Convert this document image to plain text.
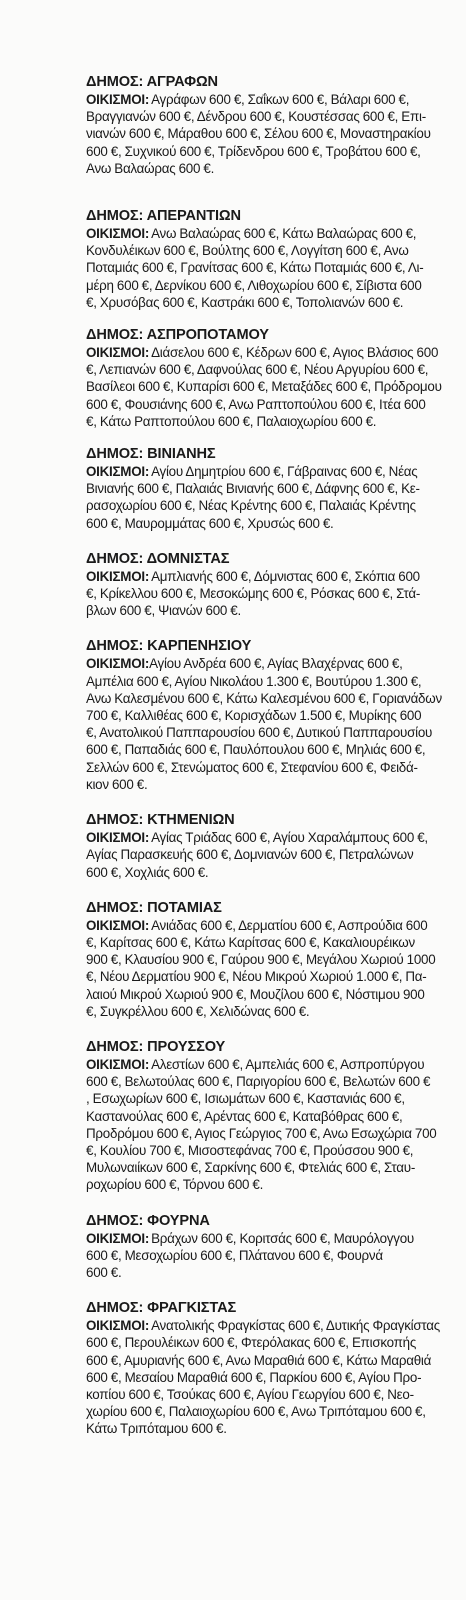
ΔΗΜΟΣ: ΑΓΡΑΦΩΝ
ΟΙΚΙΣΜΟΙ: Αγράφων 600 €, Σαΐκων 600 €, Βάλαρι 600 €,
Βραγγιανών 600 €, Δένδρου 600 €, Κουστέσσας 600 €, Επι-
νιανών 600 €, Μάραθου 600 €, Σέλου 600 €, Μοναστηρακίου
600 €, Συχνικού 600 €, Τρίδενδρου 600 €, Τροβάτου 600 €,
Ανω Βαλαώρας 600 €.
ΔΗΜΟΣ: ΑΠΕΡΑΝΤΙΩΝ
ΟΙΚΙΣΜΟΙ: Ανω Βαλαώρας 600 €, Κάτω Βαλαώρας 600 €,
Κονδυλέικων 600 €, Βούλτης 600 €, Λογγίτση 600 €, Ανω
Ποταμιάς 600 €, Γρανίτσας 600 €, Κάτω Ποταμιάς 600 €, Λι-
μέρη 600 €, Δερνίκου 600 €, Λιθοχωρίου 600 €, Σίβιστα 600
€, Χρυσόβας 600 €, Καστράκι 600 €, Τοπολιανών 600 €.
ΔΗΜΟΣ: ΑΣΠΡΟΠΟΤΑΜΟΥ
ΟΙΚΙΣΜΟΙ: Διάσελου 600 €, Κέδρων 600 €, Αγιος Βλάσιος 600
€, Λεπιανών 600 €, Δαφνούλας 600 €, Νέου Αργυρίου 600 €,
Βασίλεοι 600 €, Κυπαρίσι 600 €, Μεταξάδες 600 €, Πρόδρομου
600 €, Φουσιάνης 600 €, Ανω Ραπτοπούλου 600 €, Ιτέα 600
€, Κάτω Ραπτοπούλου 600 €, Παλαιοχωρίου 600 €.
ΔΗΜΟΣ: ΒΙΝΙΑΝΗΣ
ΟΙΚΙΣΜΟΙ: Αγίου Δημητρίου 600 €, Γάβραινας 600 €, Νέας
Βινιανής 600 €, Παλαιάς Βινιανής 600 €, Δάφνης 600 €, Κε-
ρασοχωρίου 600 €, Νέας Κρέντης 600 €, Παλαιάς Κρέντης
600 €, Μαυρομμάτας 600 €, Χρυσώς 600 €.
ΔΗΜΟΣ: ΔΟΜΝΙΣΤΑΣ
ΟΙΚΙΣΜΟΙ: Αμπλιανής 600 €, Δόμνιστας 600 €, Σκόπια 600
€, Κρίκελλου 600 €, Μεσοκώμης 600 €, Ρόσκας 600 €, Στά-
βλων 600 €, Ψιανών 600 €.
ΔΗΜΟΣ: ΚΑΡΠΕΝΗΣΙΟΥ
ΟΙΚΙΣΜΟΙ:Αγίου Ανδρέα 600 €, Αγίας Βλαχέρνας 600 €,
Αμπέλια 600 €, Αγίου Νικολάου 1.300 €, Βουτύρου 1.300 €,
Ανω Καλεσμένου 600 €, Κάτω Καλεσμένου 600 €, Γοριανάδων
700 €, Καλλιθέας 600 €, Κορισχάδων 1.500 €, Μυρίκης 600
€, Ανατολικού Παππαρουσίου 600 €, Δυτικού Παππαρουσίου
600 €, Παπαδιάς 600 €, Παυλόπουλου 600 €, Μηλιάς 600 €,
Σελλών 600 €, Στενώματος 600 €, Στεφανίου 600 €, Φειδά-
κιον 600 €.
ΔΗΜΟΣ: ΚΤΗΜΕΝΙΩΝ
ΟΙΚΙΣΜΟΙ: Αγίας Τριάδας 600 €, Αγίου Χαραλάμπους 600 €,
Αγίας Παρασκευής 600 €, Δομνιανών 600 €, Πετραλώνων
600 €, Χοχλιάς 600 €.
ΔΗΜΟΣ: ΠΟΤΑΜΙΑΣ
ΟΙΚΙΣΜΟΙ: Ανιάδας 600 €, Δερματίου 600 €, Ασπρούδια 600
€, Καρίτσας 600 €, Κάτω Καρίτσας 600 €, Κακαλιουρέικων
900 €, Κλαυσίου 900 €, Γαύρου 900 €, Μεγάλου Χωριού 1000
€, Νέου Δερματίου 900 €, Νέου Μικρού Χωριού 1.000 €, Πα-
λαιού Μικρού Χωριού 900 €, Μουζίλου 600 €, Νόστιμου 900
€, Συγκρέλλου 600 €, Χελιδώνας 600 €.
ΔΗΜΟΣ: ΠΡΟΥΣΣΟΥ
ΟΙΚΙΣΜΟΙ: Αλεστίων 600 €, Αμπελιάς 600 €, Ασπροπύργου
600 €, Βελωτούλας 600 €, Παριγορίου 600 €, Βελωτών 600 €
, Εσωχωρίων 600 €, Ισιωμάτων 600 €, Καστανιάς 600 €,
Καστανούλας 600 €, Αρέντας 600 €, Καταβόθρας 600 €,
Προδρόμου 600 €, Αγιος Γεώργιος 700 €, Ανω Εσωχώρια 700
€, Κουλίου 700 €, Μισοστεφάνας 700 €, Προύσσου 900 €,
Μυλωναιίκων 600 €, Σαρκίνης 600 €, Φτελιάς 600 €, Σταυ-
ροχωρίου 600 €, Τόρνου 600 €.
ΔΗΜΟΣ: ΦΟΥΡΝΑ
ΟΙΚΙΣΜΟΙ: Βράχων 600 €, Κοριτσάς 600 €, Μαυρόλογγου
600 €, Μεσοχωρίου 600 €, Πλάτανου 600 €, Φουρνά
600 €.
ΔΗΜΟΣ: ΦΡΑΓΚΙΣΤΑΣ
ΟΙΚΙΣΜΟΙ: Ανατολικής Φραγκίστας 600 €, Δυτικής Φραγκίστας
600 €, Περουλέικων 600 €, Φτερόλακας 600 €, Επισκοπής
600 €, Αμυριανής 600 €, Ανω Μαραθιά 600 €, Κάτω Μαραθιά
600 €, Μεσαίου Μαραθιά 600 €, Παρκίου 600 €, Αγίου Προ-
κοπίου 600 €, Τσούκας 600 €, Αγίου Γεωργίου 600 €, Νεο-
χωρίου 600 €, Παλαιοχωρίου 600 €, Ανω Τριπόταμου 600 €,
Κάτω Τριπόταμου 600 €.
